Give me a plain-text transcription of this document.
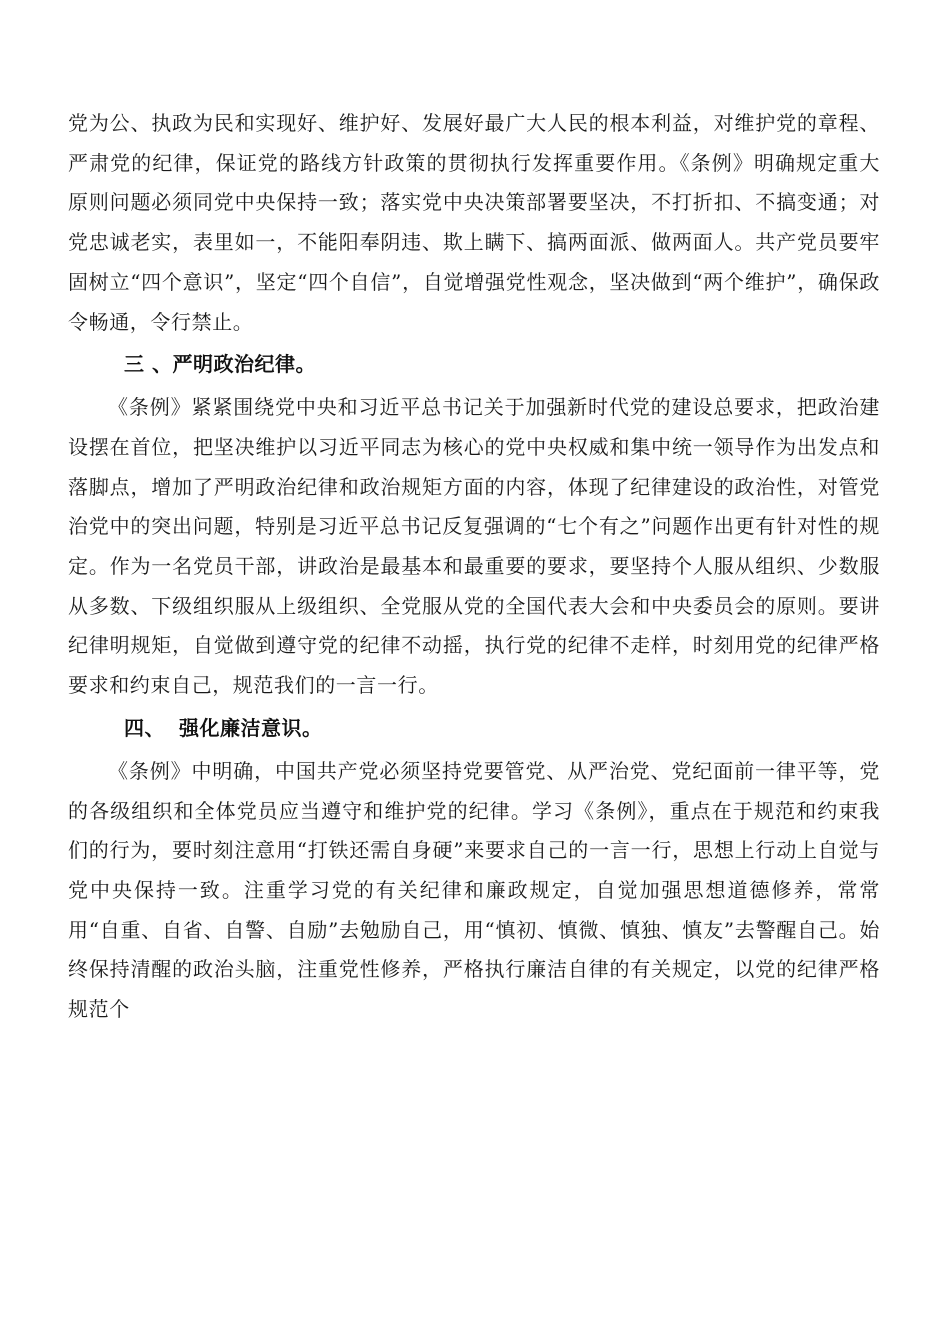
党为公、执政为民和实现好、维护好、发展好最广大人民的根本利益，对维护党的章程、严肃党的纪律，保证党的路线方针政策的贯彻执行发挥重要作用。《条例》明确规定重大原则问题必须同党中央保持一致；落实党中央决策部署要坚决，不打折扣、不搞变通；对党忠诚老实，表里如一，不能阳奉阴违、欺上瞒下、搞两面派、做两面人。共产党员要牢固树立“四个意识”，坚定“四个自信”，自觉增强党性观念，坚决做到“两个维护”，确保政令畅通，令行禁止。

三 、严明政治纪律。

《条例》紧紧围绕党中央和习近平总书记关于加强新时代党的建设总要求，把政治建设摆在首位，把坚决维护以习近平同志为核心的党中央权威和集中统一领导作为出发点和落脚点，增加了严明政治纪律和政治规矩方面的内容，体现了纪律建设的政治性，对管党治党中的突出问题，特别是习近平总书记反复强调的“七个有之”问题作出更有针对性的规定。作为一名党员干部，讲政治是最基本和最重要的要求，要坚持个人服从组织、少数服从多数、下级组织服从上级组织、全党服从党的全国代表大会和中央委员会的原则。要讲纪律明规矩，自觉做到遵守党的纪律不动摇，执行党的纪律不走样，时刻用党的纪律严格要求和约束自己，规范我们的一言一行。

四、 强化廉洁意识。

《条例》中明确，中国共产党必须坚持党要管党、从严治党、党纪面前一律平等，党的各级组织和全体党员应当遵守和维护党的纪律。学习《条例》，重点在于规范和约束我们的行为，要时刻注意用“打铁还需自身硬”来要求自己的一言一行，思想上行动上自觉与党中央保持一致。注重学习党的有关纪律和廉政规定，自觉加强思想道德修养，常常用“自重、自省、自警、自励”去勉励自己，用“慎初、慎微、慎独、慎友”去警醒自己。始终保持清醒的政治头脑，注重党性修养，严格执行廉洁自律的有关规定，以党的纪律严格规范个
